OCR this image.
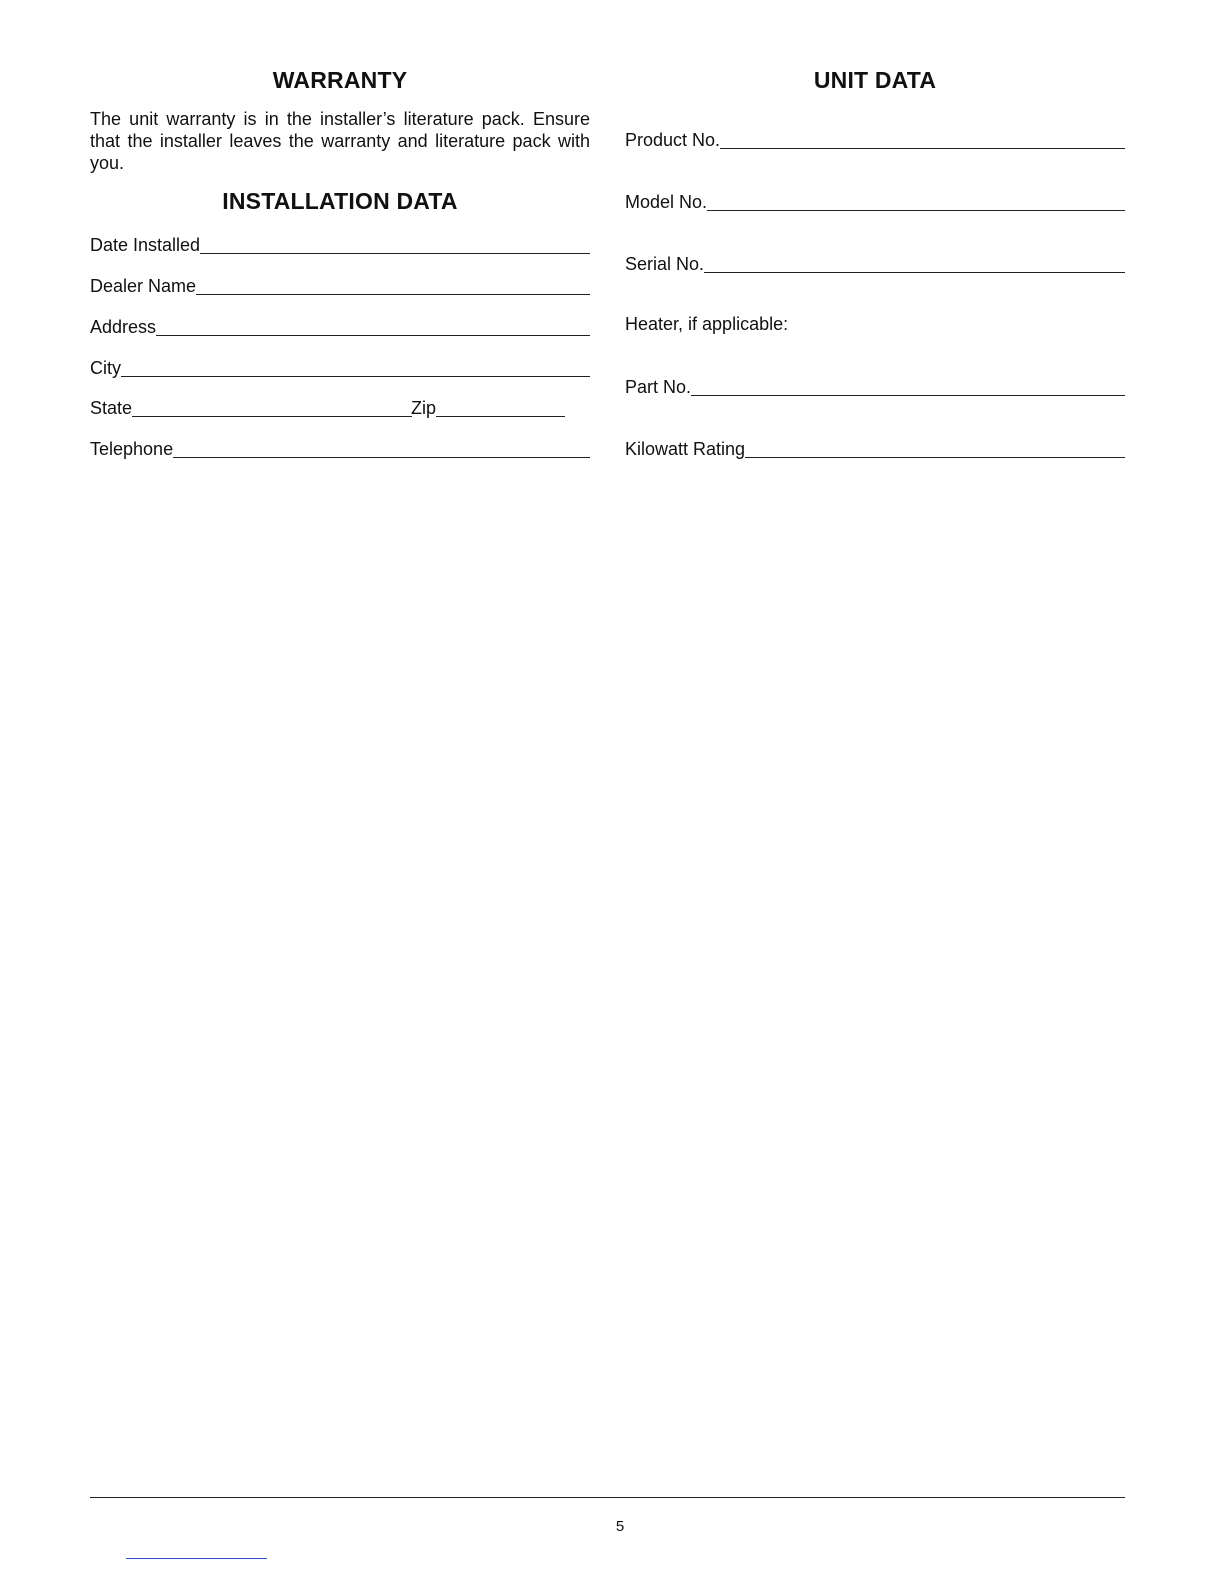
WARRANTY

The unit warranty is in the installer’s literature pack. Ensure that the installer leaves the warranty and literature pack with you.

INSTALLATION DATA
Date Installed
Dealer Name
Address
City
State	Zip
Telephone
UNIT DATA
Product No.
Model No.
Serial No.
Heater, if applicable:
Part No.
Kilowatt Rating
5
